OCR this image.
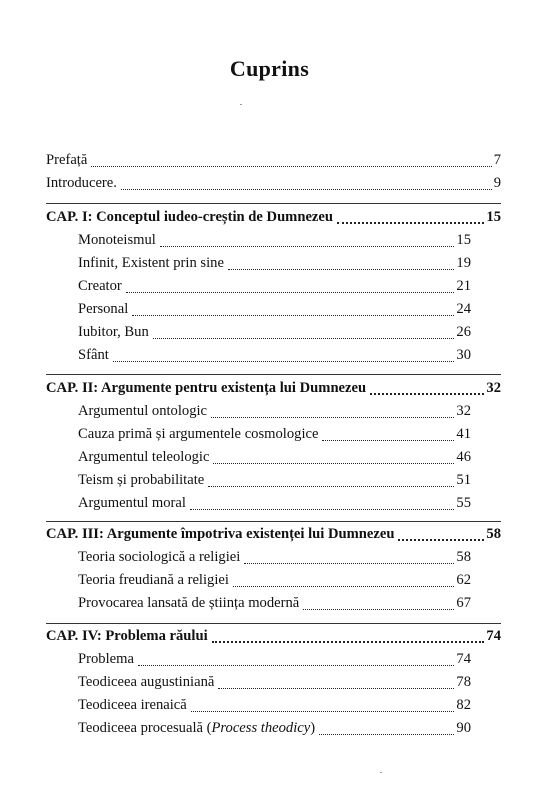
Cuprins
Prefață	7
Introducere.	9
CAP. I: Conceptul iudeo-creștin de Dumnezeu	15
Monoteismul	15
Infinit, Existent prin sine	19
Creator	21
Personal	24
Iubitor, Bun	26
Sfânt	30
CAP. II: Argumente pentru existența lui Dumnezeu	32
Argumentul ontologic	32
Cauza primă și argumentele cosmologice	41
Argumentul teleologic	46
Teism și probabilitate	51
Argumentul moral	55
CAP. III: Argumente împotriva existenței lui Dumnezeu	58
Teoria sociologică a religiei	58
Teoria freudiană a religiei	62
Provocarea lansată de știința modernă	67
CAP. IV: Problema răului	74
Problema	74
Teodiceea augustiniană	78
Teodiceea irenaică	82
Teodiceea procesuală (Process theodicy)	90
